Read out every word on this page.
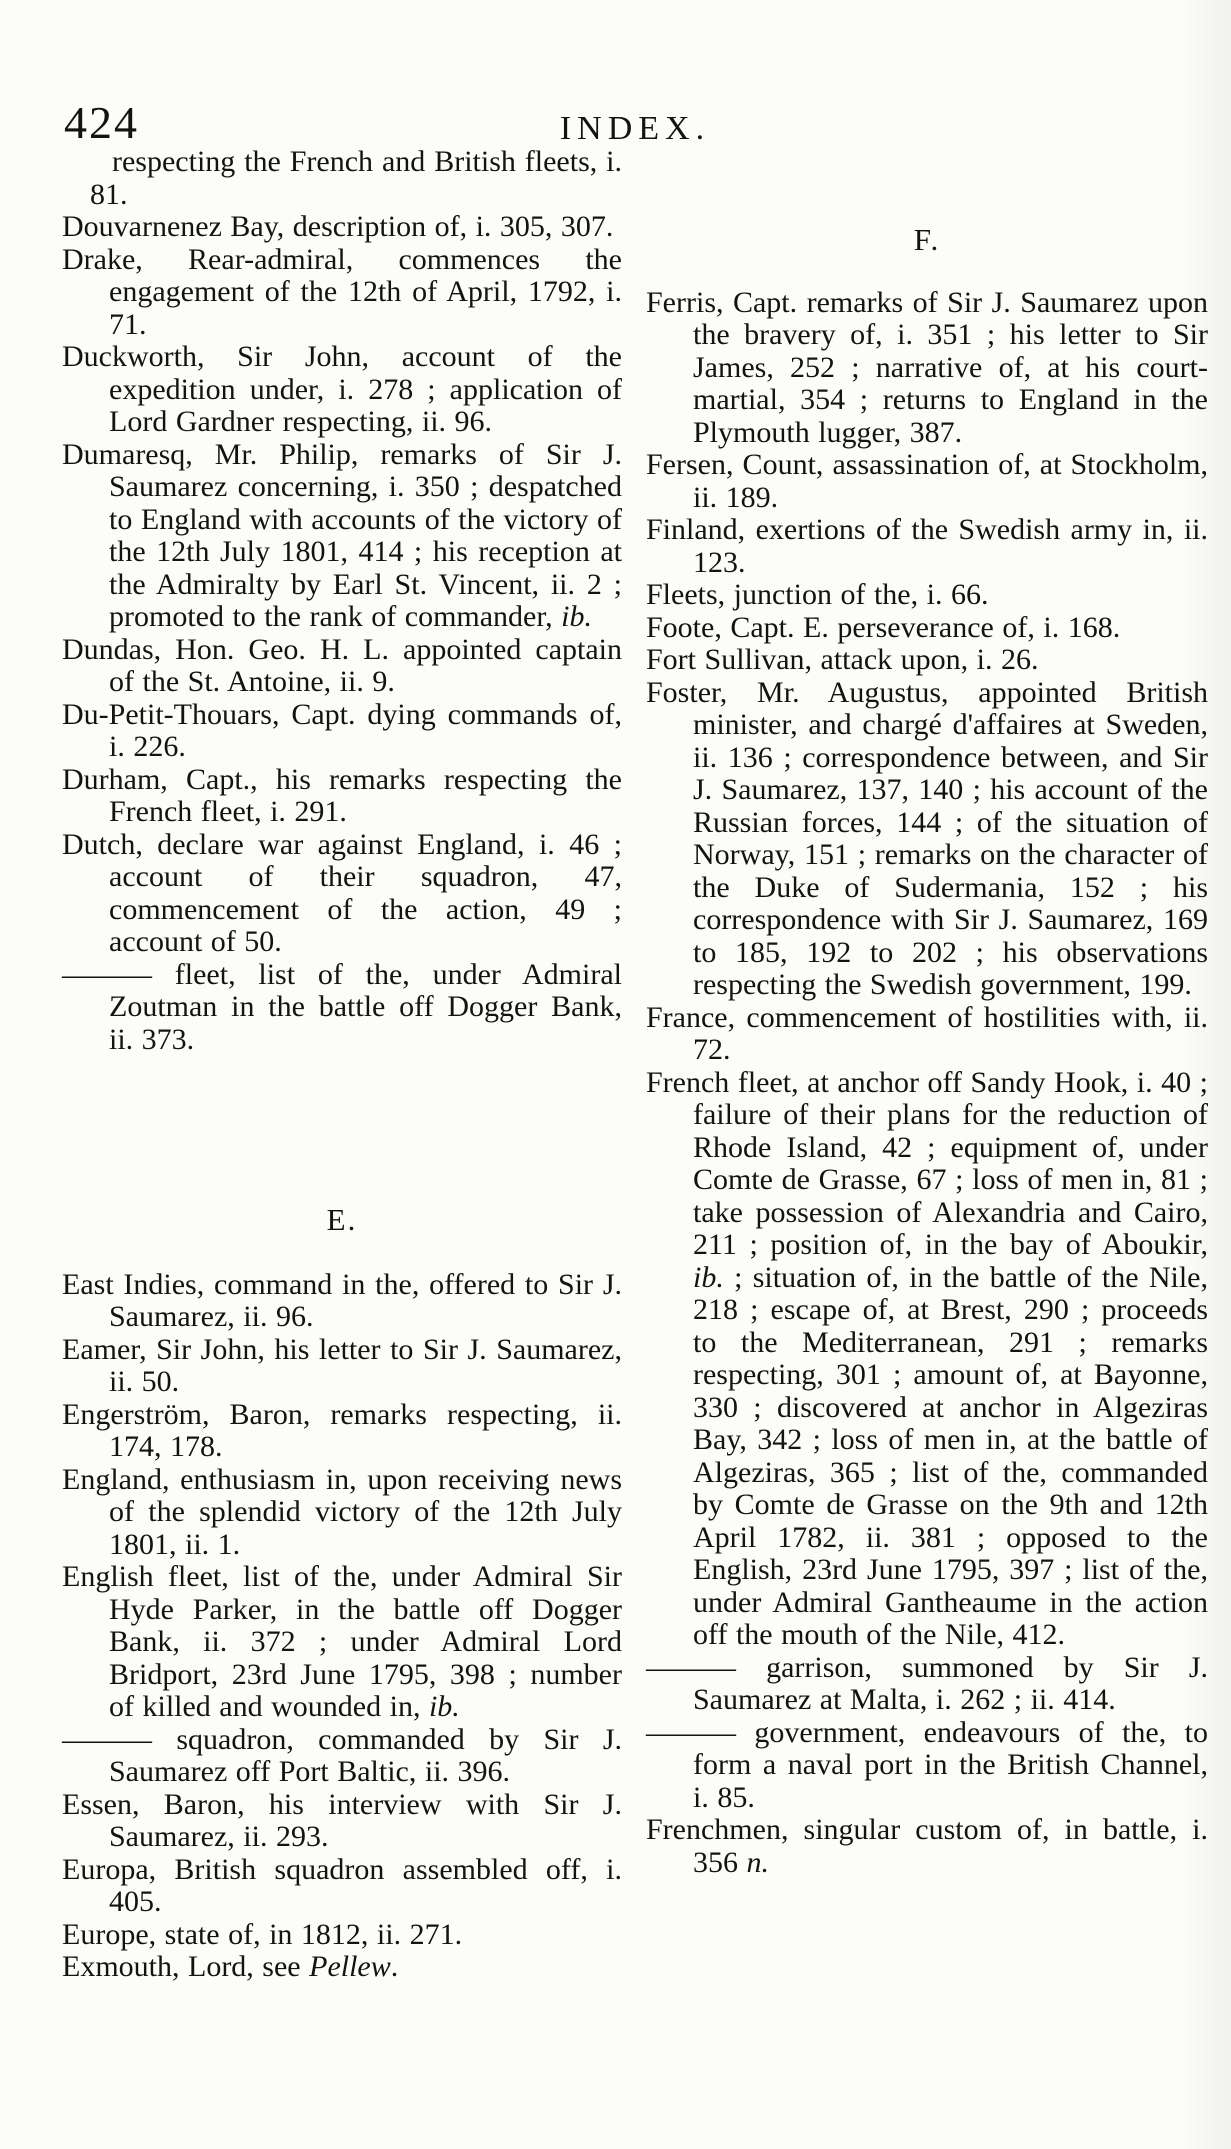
424	INDEX.

respecting the French and British fleets, i. 81.

Douvarnenez Bay, description of, i. 305, 307.

Drake, Rear-admiral, commences the engagement of the 12th of April, 1792, i. 71.

Duckworth, Sir John, account of the expedition under, i. 278 ; application of Lord Gardner respecting, ii. 96.

Dumaresq, Mr. Philip, remarks of Sir J. Saumarez concerning, i. 350 ; despatched to England with accounts of the victory of the 12th July 1801, 414 ; his reception at the Admiralty by Earl St. Vincent, ii. 2 ; promoted to the rank of commander, ib.

Dundas, Hon. Geo. H. L. appointed captain of the St. Antoine, ii. 9.

Du-Petit-Thouars, Capt. dying commands of, i. 226.

Durham, Capt., his remarks respecting the French fleet, i. 291.

Dutch, declare war against England, i. 46 ; account of their squadron, 47, commencement of the action, 49 ; account of 50.

——— fleet, list of the, under Admiral Zoutman in the battle off Dogger Bank, ii. 373.

E.

East Indies, command in the, offered to Sir J. Saumarez, ii. 96.

Eamer, Sir John, his letter to Sir J. Saumarez, ii. 50.

Engerström, Baron, remarks respecting, ii. 174, 178.

England, enthusiasm in, upon receiving news of the splendid victory of the 12th July 1801, ii. 1.

English fleet, list of the, under Admiral Sir Hyde Parker, in the battle off Dogger Bank, ii. 372 ; under Admiral Lord Bridport, 23rd June 1795, 398 ; number of killed and wounded in, ib.

——— squadron, commanded by Sir J. Saumarez off Port Baltic, ii. 396.

Essen, Baron, his interview with Sir J. Saumarez, ii. 293.

Europa, British squadron assembled off, i. 405.

Europe, state of, in 1812, ii. 271.

Exmouth, Lord, see Pellew.

F.

Ferris, Capt. remarks of Sir J. Saumarez upon the bravery of, i. 351 ; his letter to Sir James, 252 ; narrative of, at his court-martial, 354 ; returns to England in the Plymouth lugger, 387.

Fersen, Count, assassination of, at Stockholm, ii. 189.

Finland, exertions of the Swedish army in, ii. 123.

Fleets, junction of the, i. 66.

Foote, Capt. E. perseverance of, i. 168.

Fort Sullivan, attack upon, i. 26.

Foster, Mr. Augustus, appointed British minister, and chargé d'affaires at Sweden, ii. 136 ; correspondence between, and Sir J. Saumarez, 137, 140 ; his account of the Russian forces, 144 ; of the situation of Norway, 151 ; remarks on the character of the Duke of Sudermania, 152 ; his correspondence with Sir J. Saumarez, 169 to 185, 192 to 202 ; his observations respecting the Swedish government, 199.

France, commencement of hostilities with, ii. 72.

French fleet, at anchor off Sandy Hook, i. 40 ; failure of their plans for the reduction of Rhode Island, 42 ; equipment of, under Comte de Grasse, 67 ; loss of men in, 81 ; take possession of Alexandria and Cairo, 211 ; position of, in the bay of Aboukir, ib. ; situation of, in the battle of the Nile, 218 ; escape of, at Brest, 290 ; proceeds to the Mediterranean, 291 ; remarks respecting, 301 ; amount of, at Bayonne, 330 ; discovered at anchor in Algeziras Bay, 342 ; loss of men in, at the battle of Algeziras, 365 ; list of the, commanded by Comte de Grasse on the 9th and 12th April 1782, ii. 381 ; opposed to the English, 23rd June 1795, 397 ; list of the, under Admiral Gantheaume in the action off the mouth of the Nile, 412.

——— garrison, summoned by Sir J. Saumarez at Malta, i. 262 ; ii. 414.

——— government, endeavours of the, to form a naval port in the British Channel, i. 85.

Frenchmen, singular custom of, in battle, i. 356 n.
